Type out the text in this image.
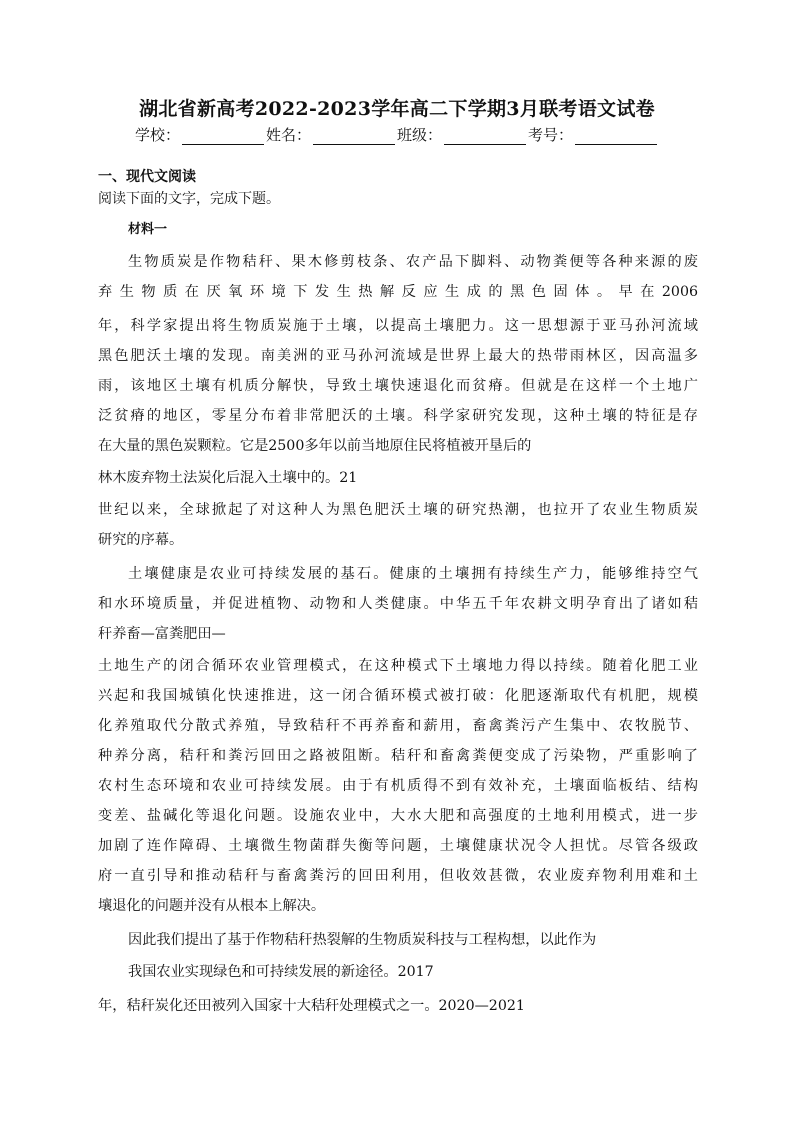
湖北省新高考2022-2023学年高二下学期3月联考语文试卷
学校：	姓名：	班级：	考号：
一、现代文阅读
阅读下面的文字，完成下题。
材料一
生物质炭是作物秸秆、果木修剪枝条、农产品下脚料、动物粪便等各种来源的废
弃生物质在厌氧环境下发生热解反应生成的黑色固体。早在2006
年，科学家提出将生物质炭施于土壤，以提高土壤肥力。这一思想源于亚马孙河流域
黑色肥沃土壤的发现。南美洲的亚马孙河流域是世界上最大的热带雨林区，因高温多
雨，该地区土壤有机质分解快，导致土壤快速退化而贫瘠。但就是在这样一个土地广
泛贫瘠的地区，零星分布着非常肥沃的土壤。科学家研究发现，这种土壤的特征是存
在大量的黑色炭颗粒。它是2500多年以前当地原住民将植被开垦后的
林木废弃物土法炭化后混入土壤中的。21
世纪以来，全球掀起了对这种人为黑色肥沃土壤的研究热潮，也拉开了农业生物质炭
研究的序幕。
土壤健康是农业可持续发展的基石。健康的土壤拥有持续生产力，能够维持空气
和水环境质量，并促进植物、动物和人类健康。中华五千年农耕文明孕育出了诸如秸
秆养畜—富粪肥田—
土地生产的闭合循环农业管理模式，在这种模式下土壤地力得以持续。随着化肥工业
兴起和我国城镇化快速推进，这一闭合循环模式被打破：化肥逐渐取代有机肥，规模
化养殖取代分散式养殖，导致秸秆不再养畜和薪用，畜禽粪污产生集中、农牧脱节、
种养分离，秸秆和粪污回田之路被阻断。秸秆和畜禽粪便变成了污染物，严重影响了
农村生态环境和农业可持续发展。由于有机质得不到有效补充，土壤面临板结、结构
变差、盐碱化等退化问题。设施农业中，大水大肥和高强度的土地利用模式，进一步
加剧了连作障碍、土壤微生物菌群失衡等问题，土壤健康状况令人担忧。尽管各级政
府一直引导和推动秸秆与畜禽粪污的回田利用，但收效甚微，农业废弃物利用难和土
壤退化的问题并没有从根本上解决。
因此我们提出了基于作物秸秆热裂解的生物质炭科技与工程构想，以此作为
我国农业实现绿色和可持续发展的新途径。2017
年，秸秆炭化还田被列入国家十大秸秆处理模式之一。2020—2021
